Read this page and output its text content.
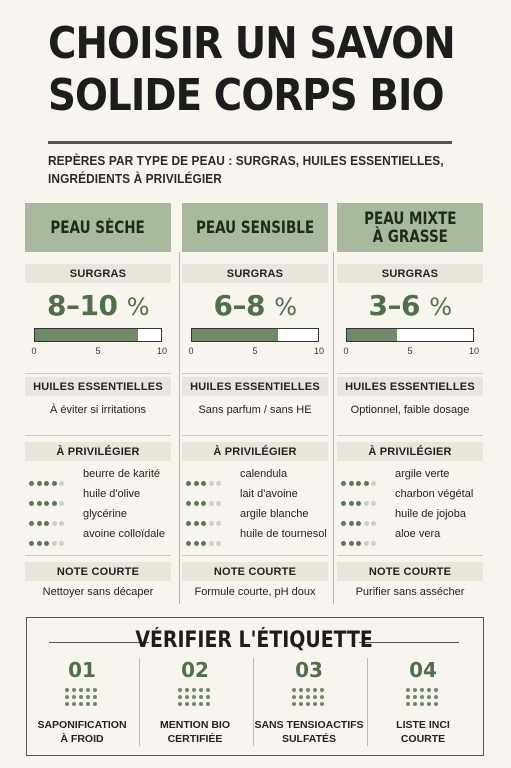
CHOISIR UN SAVON
SOLIDE CORPS BIO
REPÈRES PAR TYPE DE PEAU : SURGRAS, HUILES ESSENTIELLES, INGRÉDIENTS À PRIVILÉGIER
PEAU SÈCHE
SURGRAS
8–10 %
0	5	10
HUILES ESSENTIELLES
À éviter si irritations
À PRIVILÉGIER
beurre de karité
huile d'olive
glycérine
avoine colloïdale
NOTE COURTE
Nettoyer sans décaper
PEAU SENSIBLE
SURGRAS
6–8 %
0	5	10
HUILES ESSENTIELLES
Sans parfum / sans HE
À PRIVILÉGIER
calendula
lait d'avoine
argile blanche
huile de tournesol
NOTE COURTE
Formule courte, pH doux
PEAU MIXTE
À GRASSE
SURGRAS
3–6 %
0	5	10
HUILES ESSENTIELLES
Optionnel, faible dosage
À PRIVILÉGIER
argile verte
charbon végétal
huile de jojoba
aloe vera
NOTE COURTE
Purifier sans assécher
VÉRIFIER L'ÉTIQUETTE
01
SAPONIFICATION
À FROID
02
MENTION BIO
CERTIFIÉE
03
SANS TENSIOACTIFS
SULFATÉS
04
LISTE INCI
COURTE
